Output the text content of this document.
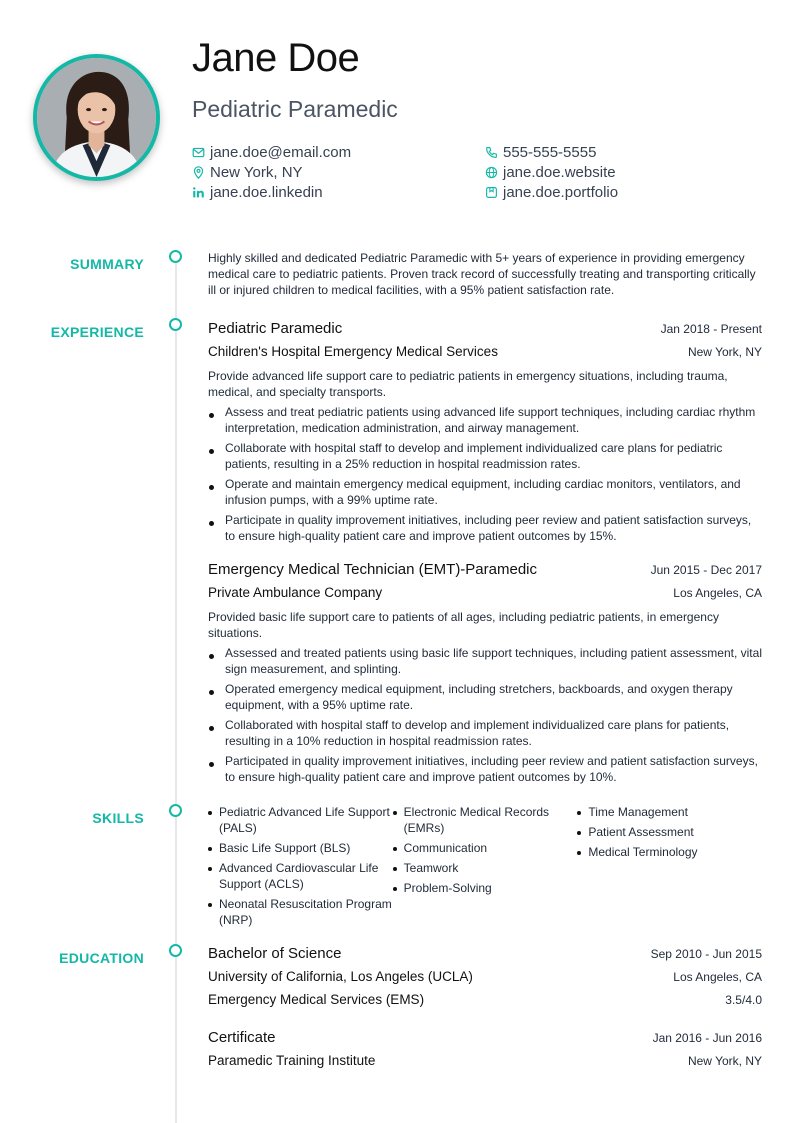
Jane Doe
Pediatric Paramedic
jane.doe@email.com	555-555-5555
New York, NY	jane.doe.website
jane.doe.linkedin	jane.doe.portfolio
SUMMARY
EXPERIENCE
SKILLS
EDUCATION
Highly skilled and dedicated Pediatric Paramedic with 5+ years of experience in providing emergency medical care to pediatric patients. Proven track record of successfully treating and transporting critically ill or injured children to medical facilities, with a 95% patient satisfaction rate.
Pediatric Paramedic	Jan 2018 - Present
Children's Hospital Emergency Medical Services	New York, NY
Provide advanced life support care to pediatric patients in emergency situations, including trauma, medical, and specialty transports.
Assess and treat pediatric patients using advanced life support techniques, including cardiac rhythm interpretation, medication administration, and airway management.
Collaborate with hospital staff to develop and implement individualized care plans for pediatric patients, resulting in a 25% reduction in hospital readmission rates.
Operate and maintain emergency medical equipment, including cardiac monitors, ventilators, and infusion pumps, with a 99% uptime rate.
Participate in quality improvement initiatives, including peer review and patient satisfaction surveys, to ensure high-quality patient care and improve patient outcomes by 15%.
Emergency Medical Technician (EMT)-Paramedic	Jun 2015 - Dec 2017
Private Ambulance Company	Los Angeles, CA
Provided basic life support care to patients of all ages, including pediatric patients, in emergency situations.
Assessed and treated patients using basic life support techniques, including patient assessment, vital sign measurement, and splinting.
Operated emergency medical equipment, including stretchers, backboards, and oxygen therapy equipment, with a 95% uptime rate.
Collaborated with hospital staff to develop and implement individualized care plans for patients, resulting in a 10% reduction in hospital readmission rates.
Participated in quality improvement initiatives, including peer review and patient satisfaction surveys, to ensure high-quality patient care and improve patient outcomes by 10%.
Pediatric Advanced Life Support (PALS)
Basic Life Support (BLS)
Advanced Cardiovascular Life Support (ACLS)
Neonatal Resuscitation Program (NRP)
Electronic Medical Records (EMRs)
Communication
Teamwork
Problem-Solving
Time Management
Patient Assessment
Medical Terminology
Bachelor of Science	Sep 2010 - Jun 2015
University of California, Los Angeles (UCLA)	Los Angeles, CA
Emergency Medical Services (EMS)	3.5/4.0
Certificate	Jan 2016 - Jun 2016
Paramedic Training Institute	New York, NY
